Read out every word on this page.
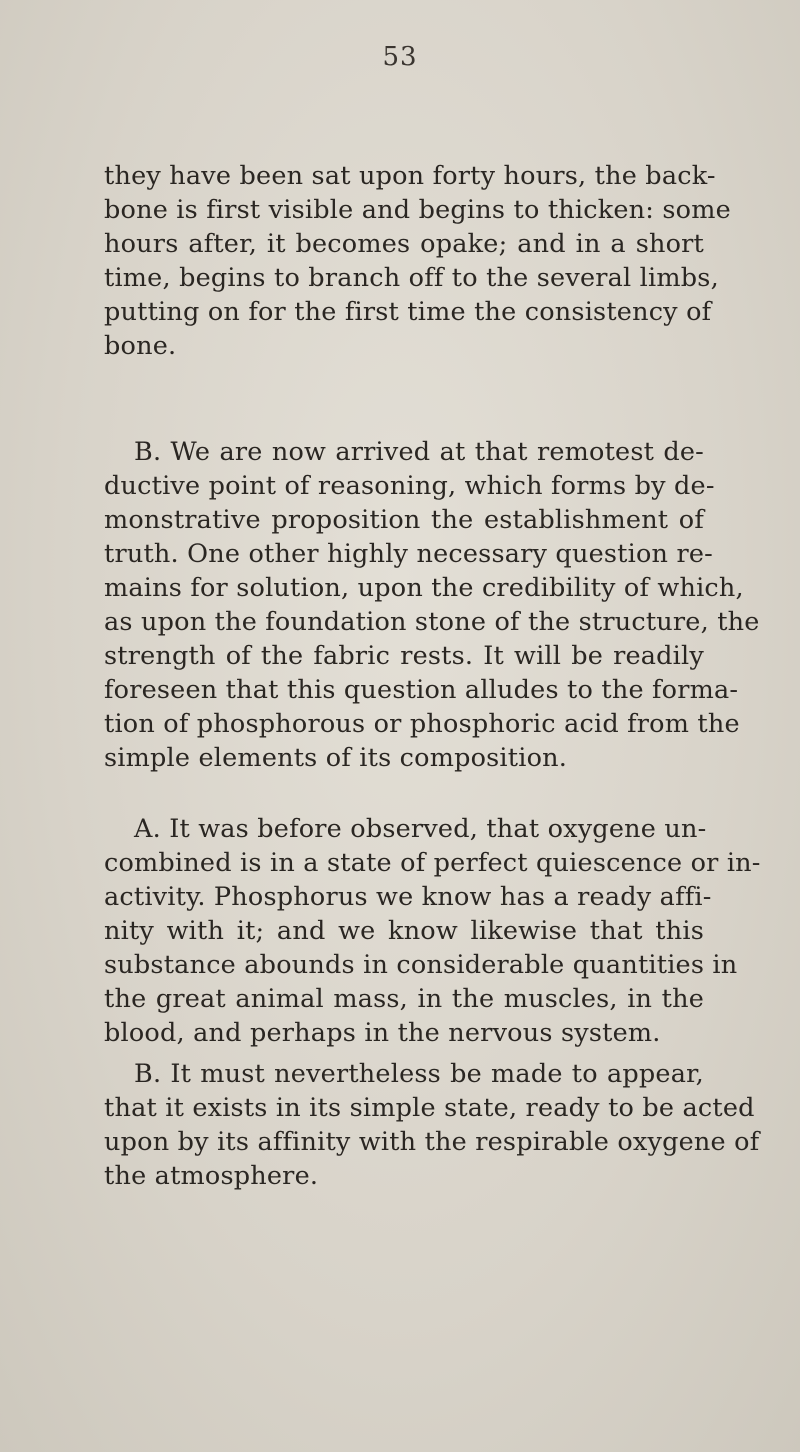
53
they have been sat upon forty hours, the back-
bone is first visible and begins to thicken: some
hours after, it becomes opake; and in a short
time, begins to branch off to the several limbs,
putting on for the first time the consistency of
bone.
B. We are now arrived at that remotest de-
ductive point of reasoning, which forms by de-
monstrative proposition the establishment of
truth. One other highly necessary question re-
mains for solution, upon the credibility of which,
as upon the foundation stone of the structure, the
strength of the fabric rests. It will be readily
foreseen that this question alludes to the forma-
tion of phosphorous or phosphoric acid from the
simple elements of its composition.
A. It was before observed, that oxygene un-
combined is in a state of perfect quiescence or in-
activity. Phosphorus we know has a ready affi-
nity with it; and we know likewise that this
substance abounds in considerable quantities in
the great animal mass, in the muscles, in the
blood, and perhaps in the nervous system.
B. It must nevertheless be made to appear,
that it exists in its simple state, ready to be acted
upon by its affinity with the respirable oxygene of
the atmosphere.
